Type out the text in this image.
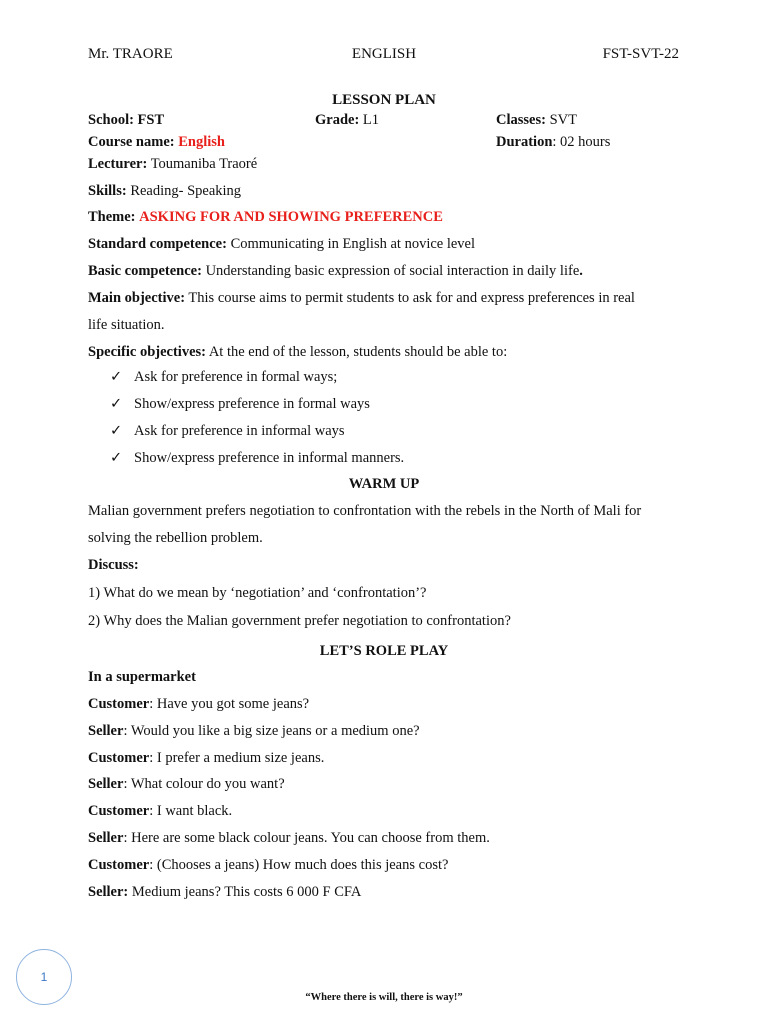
Mr. TRAORE	ENGLISH	FST-SVT-22
LESSON PLAN
School: FST	Grade: L1	Classes: SVT
Course name: English	Duration: 02 hours
Lecturer: Toumaniba Traoré
Skills: Reading- Speaking
Theme: ASKING FOR AND SHOWING PREFERENCE
Standard competence: Communicating in English at novice level
Basic competence: Understanding basic expression of social interaction in daily life.
Main objective: This course aims to permit students to ask for and express preferences in real
life situation.
Specific objectives: At the end of the lesson, students should be able to:
✓ Ask for preference in formal ways;
✓ Show/express preference in formal ways
✓ Ask for preference in informal ways
✓ Show/express preference in informal manners.
WARM UP
Malian government prefers negotiation to confrontation with the rebels in the North of Mali for
solving the rebellion problem.
Discuss:
1) What do we mean by ‘negotiation’ and ‘confrontation’?
2) Why does the Malian government prefer negotiation to confrontation?
LET’S ROLE PLAY
In a supermarket
Customer: Have you got some jeans?
Seller: Would you like a big size jeans or a medium one?
Customer: I prefer a medium size jeans.
Seller: What colour do you want?
Customer: I want black.
Seller: Here are some black colour jeans. You can choose from them.
Customer: (Chooses a jeans) How much does this jeans cost?
Seller: Medium jeans? This costs 6 000 F CFA
1
“Where there is will, there is way!”
